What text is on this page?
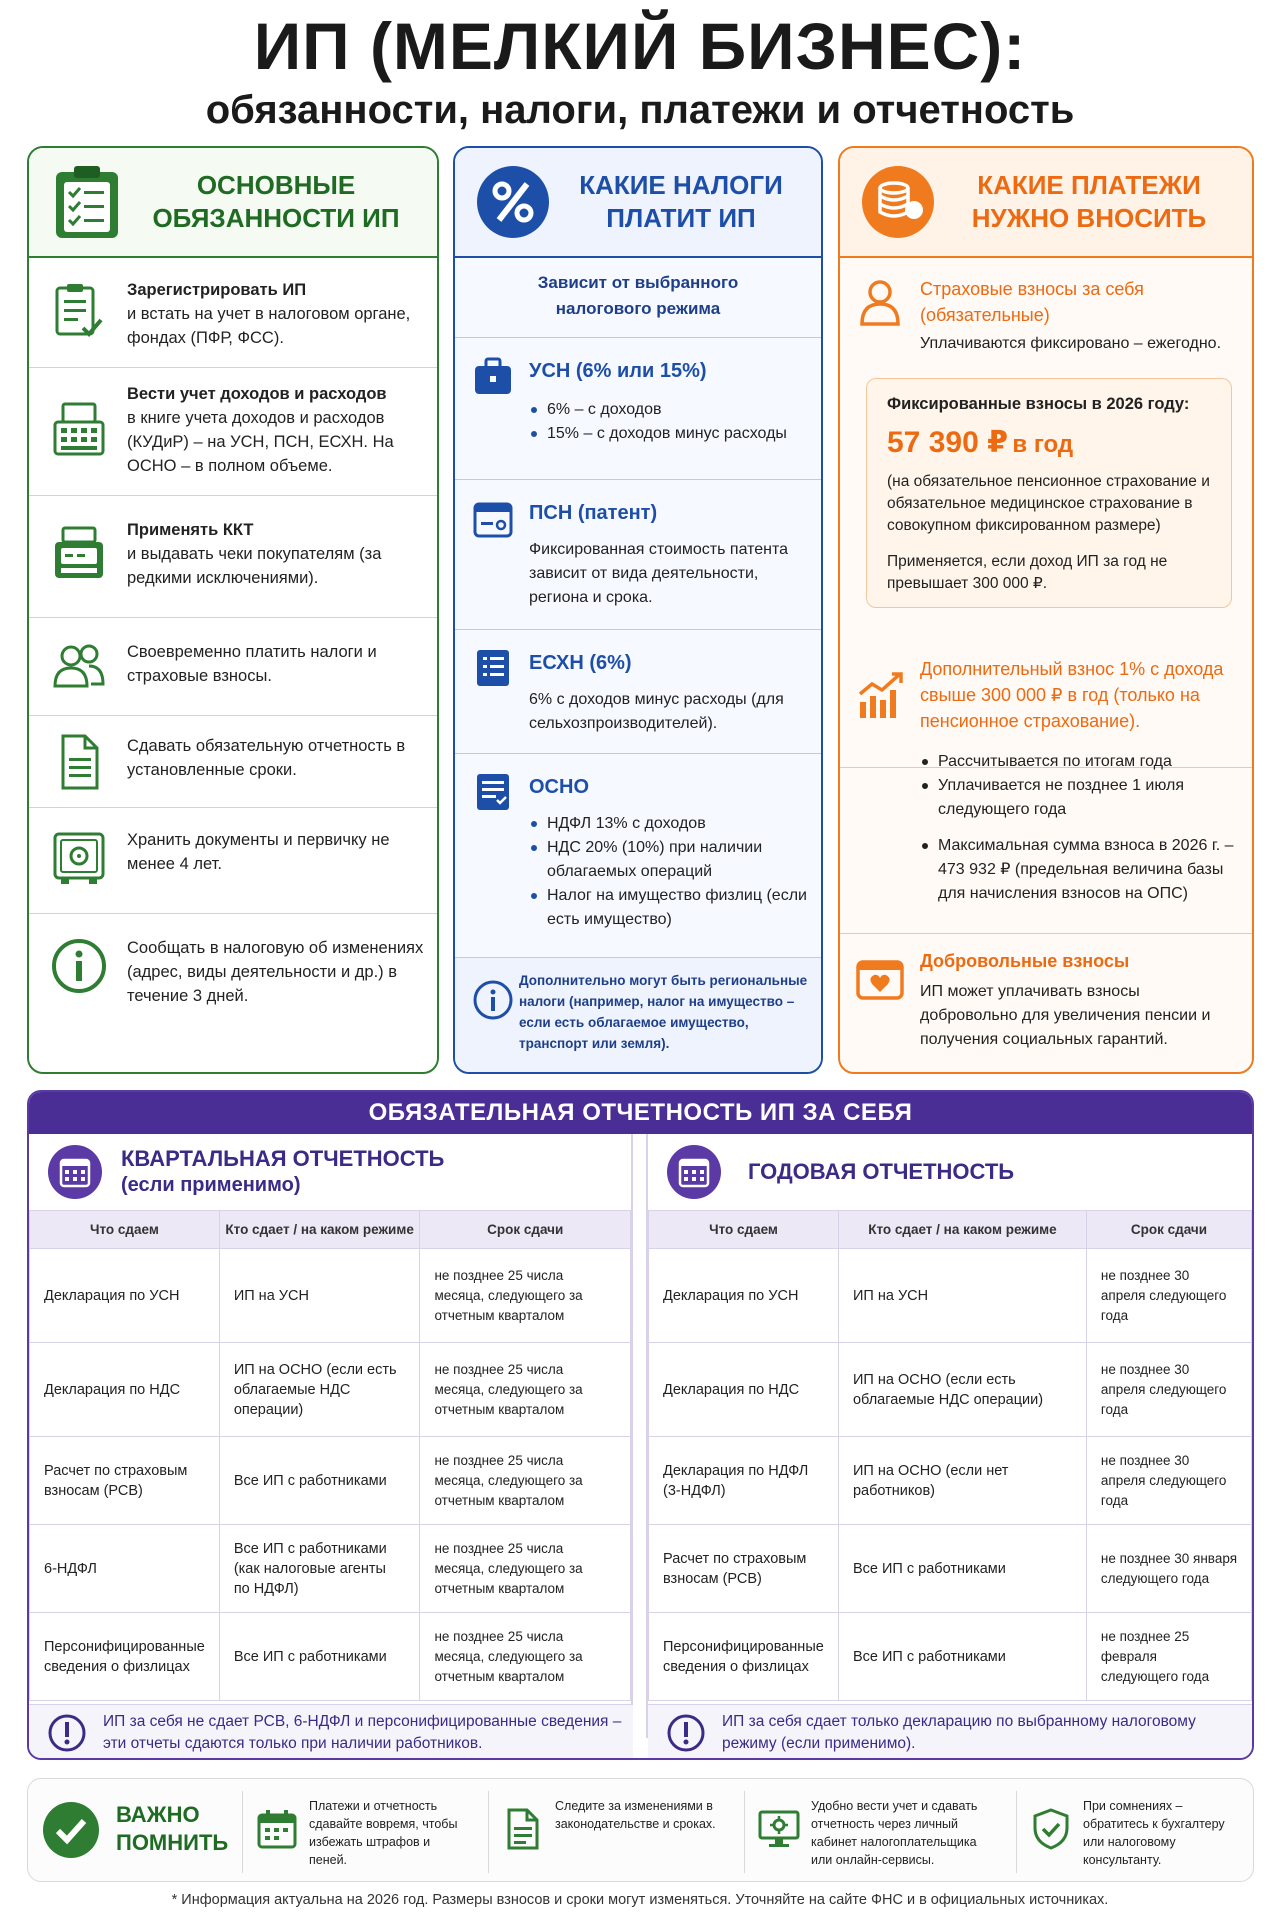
ИП (МЕЛКИЙ БИЗНЕС):
обязанности, налоги, платежи и отчетность
ОСНОВНЫЕ ОБЯЗАННОСТИ ИП
Зарегистрировать ИП
и встать на учет в налоговом органе, фондах (ПФР, ФСС).
Вести учет доходов и расходов
в книге учета доходов и расходов (КУДиР) – на УСН, ПСН, ЕСХН. На ОСНО – в полном объеме.
Применять ККТ
и выдавать чеки покупателям (за редкими исключениями).
Своевременно платить налоги и страховые взносы.
Сдавать обязательную отчетность в установленные сроки.
Хранить документы и первичку не менее 4 лет.
Сообщать в налоговую об изменениях (адрес, виды деятельности и др.) в течение 3 дней.
КАКИЕ НАЛОГИ ПЛАТИТ ИП
Зависит от выбранного налогового режима
УСН (6% или 15%)
6% – с доходов
15% – с доходов минус расходы
ПСН (патент)
Фиксированная стоимость патента зависит от вида деятельности, региона и срока.
ЕСХН (6%)
6% с доходов минус расходы (для сельхозпроизводителей).
ОСНО
НДФЛ 13% с доходов
НДС 20% (10%) при наличии облагаемых операций
Налог на имущество физлиц (если есть имущество)
Дополнительно могут быть региональные налоги (например, налог на имущество – если есть облагаемое имущество, транспорт или земля).
КАКИЕ ПЛАТЕЖИ НУЖНО ВНОСИТЬ
Страховые взносы за себя (обязательные)
Уплачиваются фиксировано – ежегодно.
Фиксированные взносы в 2026 году:
57 390 ₽ в год
(на обязательное пенсионное страхование и обязательное медицинское страхование в совокупном фиксированном размере)
Применяется, если доход ИП за год не превышает 300 000 ₽.
Дополнительный взнос 1% с дохода свыше 300 000 ₽ в год (только на пенсионное страхование).
Рассчитывается по итогам года
Уплачивается не позднее 1 июля следующего года
Максимальная сумма взноса в 2026 г. – 473 932 ₽ (предельная величина базы для начисления взносов на ОПС)
Добровольные взносы
ИП может уплачивать взносы добровольно для увеличения пенсии и получения социальных гарантий.
ОБЯЗАТЕЛЬНАЯ ОТЧЕТНОСТЬ ИП ЗА СЕБЯ
КВАРТАЛЬНАЯ ОТЧЕТНОСТЬ
(если применимо)
Что сдаем	Кто сдает / на каком режиме	Срок сдачи
Декларация по УСН	ИП на УСН	не позднее 25 числа месяца, следующего за отчетным кварталом
Декларация по НДС	ИП на ОСНО (если есть облагаемые НДС операции)	не позднее 25 числа месяца, следующего за отчетным кварталом
Расчет по страховым взносам (РСВ)	Все ИП с работниками	не позднее 25 числа месяца, следующего за отчетным кварталом
6-НДФЛ	Все ИП с работниками (как налоговые агенты по НДФЛ)	не позднее 25 числа месяца, следующего за отчетным кварталом
Персонифицированные сведения о физлицах	Все ИП с работниками	не позднее 25 числа месяца, следующего за отчетным кварталом
ГОДОВАЯ ОТЧЕТНОСТЬ
Что сдаем	Кто сдает / на каком режиме	Срок сдачи
Декларация по УСН	ИП на УСН	не позднее 30 апреля следующего года
Декларация по НДС	ИП на ОСНО (если есть облагаемые НДС операции)	не позднее 30 апреля следующего года
Декларация по НДФЛ (3-НДФЛ)	ИП на ОСНО (если нет работников)	не позднее 30 апреля следующего года
Расчет по страховым взносам (РСВ)	Все ИП с работниками	не позднее 30 января следующего года
Персонифицированные сведения о физлицах	Все ИП с работниками	не позднее 25 февраля следующего года
ИП за себя не сдает РСВ, 6-НДФЛ и персонифицированные сведения – эти отчеты сдаются только при наличии работников.
ИП за себя сдает только декларацию по выбранному налоговому режиму (если применимо).
ВАЖНО ПОМНИТЬ
Платежи и отчетность сдавайте вовремя, чтобы избежать штрафов и пеней.
Следите за изменениями в законодательстве и сроках.
Удобно вести учет и сдавать отчетность через личный кабинет налогоплательщика или онлайн-сервисы.
При сомнениях – обратитесь к бухгалтеру или налоговому консультанту.
* Информация актуальна на 2026 год. Размеры взносов и сроки могут изменяться. Уточняйте на сайте ФНС и в официальных источниках.
